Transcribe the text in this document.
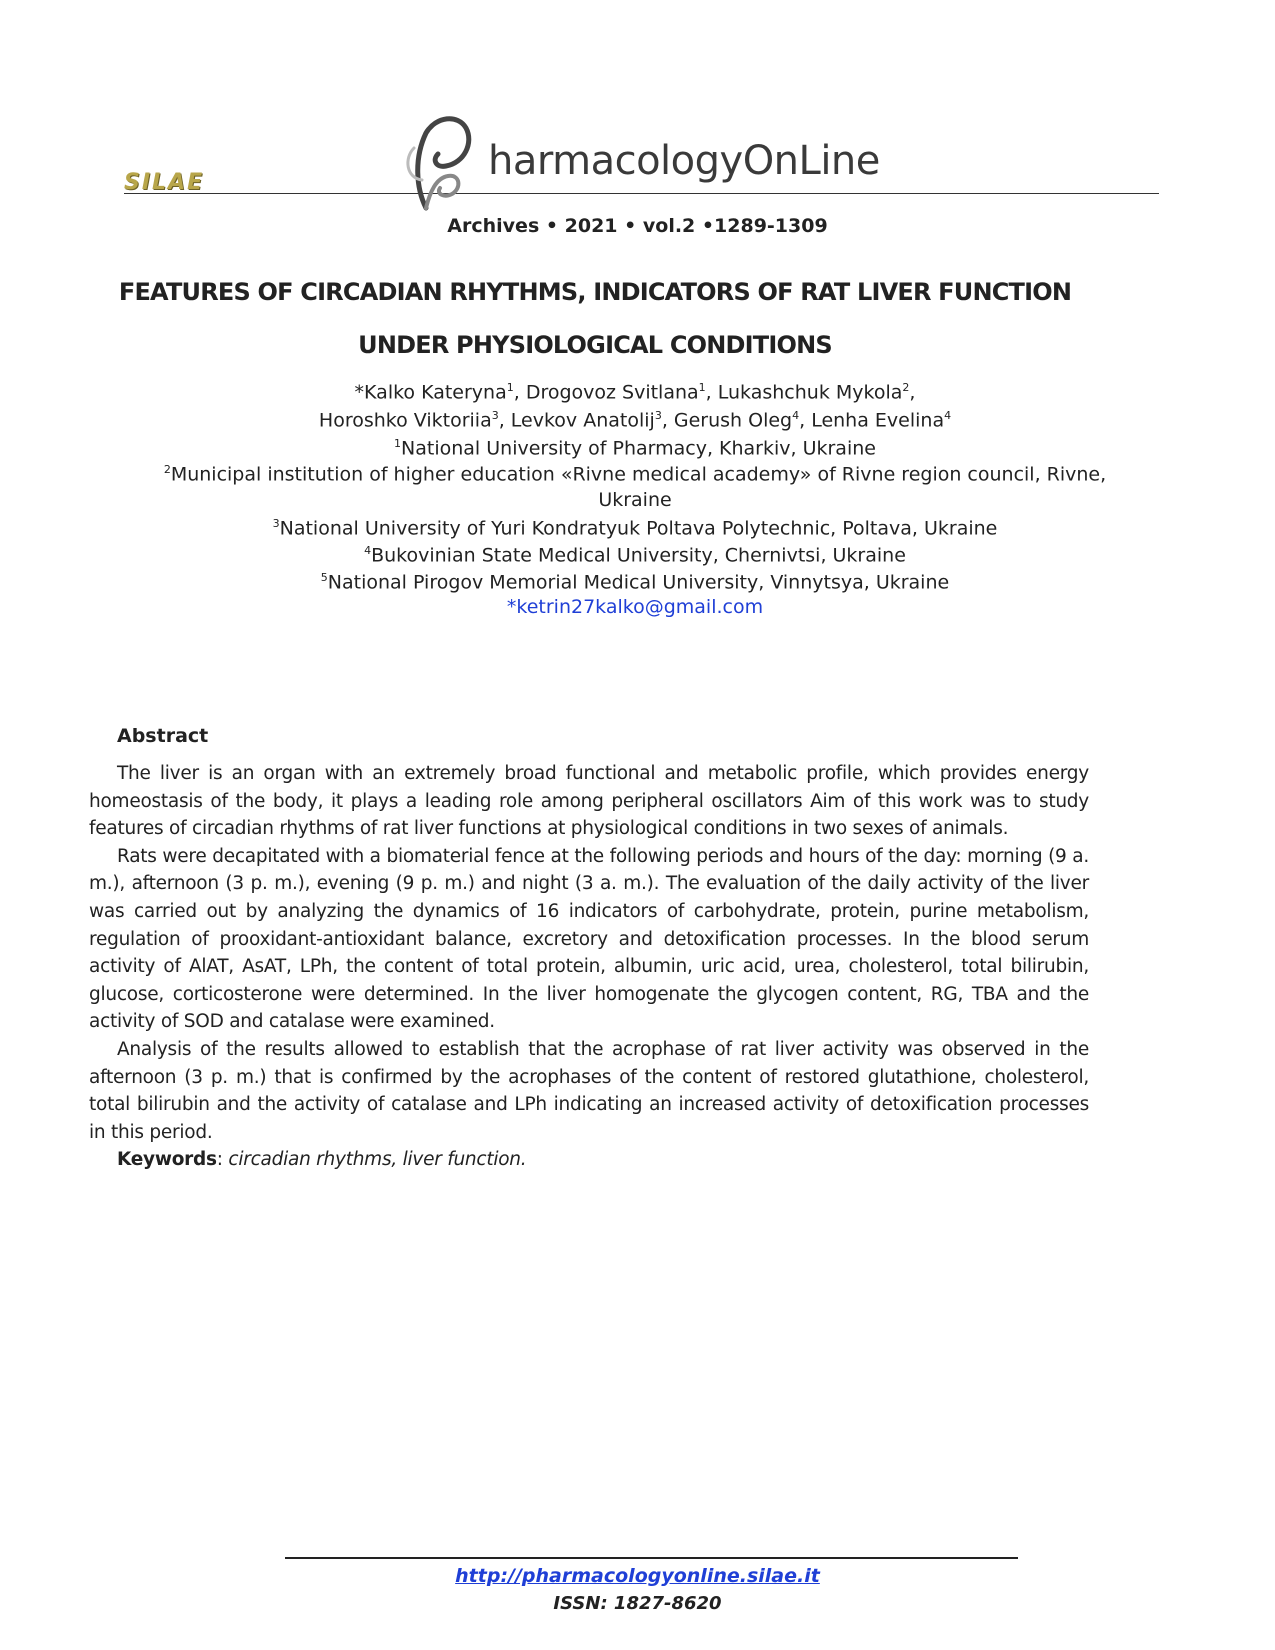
SILAE	harmacologyOnLine
Archives • 2021 • vol.2 •1289-1309
FEATURES OF CIRCADIAN RHYTHMS, INDICATORS OF RAT LIVER FUNCTION
UNDER PHYSIOLOGICAL CONDITIONS
*Kalko Kateryna$^1$, Drogovoz Svitlana$^1$, Lukashchuk Mykola$^2$,
Horoshko Viktoriia$^3$, Levkov Anatolij$^3$, Gerush Oleg$^4$, Lenha Evelina$^4$
$^1$National University of Pharmacy, Kharkiv, Ukraine
$^2$Municipal institution of higher education «Rivne medical academy» of Rivne region council, Rivne,
Ukraine
$^3$National University of Yuri Kondratyuk Poltava Polytechnic, Poltava, Ukraine
$^4$Bukovinian State Medical University, Chernivtsi, Ukraine
$^5$National Pirogov Memorial Medical University, Vinnytsya, Ukraine
*ketrin27kalko@gmail.com
Abstract

The liver is an organ with an extremely broad functional and metabolic profile, which provides energy homeostasis of the body, it plays a leading role among peripheral oscillators Aim of this work was to study features of circadian rhythms of rat liver functions at physiological conditions in two sexes of animals.

Rats were decapitated with a biomaterial fence at the following periods and hours of the day: morning (9 a. m.), afternoon (3 p. m.), evening (9 p. m.) and night (3 a. m.). The evaluation of the daily activity of the liver was carried out by analyzing the dynamics of 16 indicators of carbohydrate, protein, purine metabolism, regulation of prooxidant-antioxidant balance, excretory and detoxification processes. In the blood serum activity of AlAT, AsAT, LPh, the content of total protein, albumin, uric acid, urea, cholesterol, total bilirubin, glucose, corticosterone were determined. In the liver homogenate the glycogen content, RG, TBA and the activity of SOD and catalase were examined.

Analysis of the results allowed to establish that the acrophase of rat liver activity was observed in the afternoon (3 p. m.) that is confirmed by the acrophases of the content of restored glutathione, cholesterol, total bilirubin and the activity of catalase and LPh indicating an increased activity of detoxification processes in this period.

Keywords: circadian rhythms, liver function.

http://pharmacologyonline.silae.it
ISSN: 1827-8620
